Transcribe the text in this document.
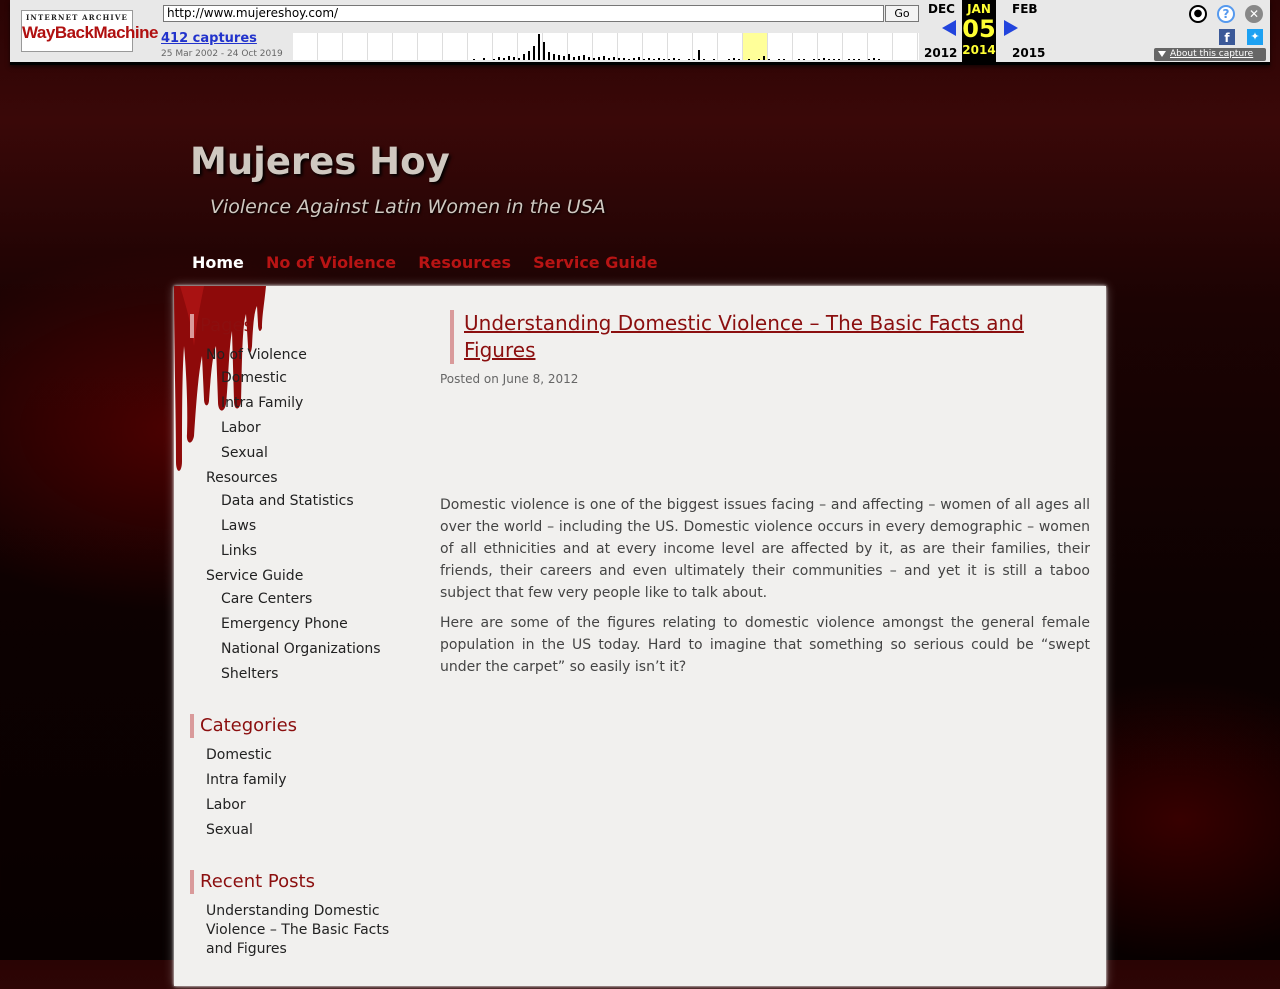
INTERNET ARCHIVE
WayBackMachine
http://www.mujereshoy.com/	Go
412 captures
25 Mar 2002 - 24 Oct 2019
DEC
2012
JAN
05
2014
FEB
2015
●	?	✕
f	✦
About this capture
Mujeres Hoy
Violence Against Latin Women in the USA
Home No of Violence Resources Service Guide
Pages
No of Violence
Domestic
Intra Family
Labor
Sexual
Resources
Data and Statistics
Laws
Links
Service Guide
Care Centers
Emergency Phone
National Organizations
Shelters
Categories
Domestic
Intra family
Labor
Sexual
Recent Posts
Understanding Domestic Violence – The Basic Facts and Figures
Understanding Domestic Violence – The Basic Facts and Figures
Posted on June 8, 2012

Domestic violence is one of the biggest issues facing – and affecting – women of all ages all over the world – including the US. Domestic violence occurs in every demographic – women of all ethnicities and at every income level are affected by it, as are their families, their friends, their careers and even ultimately their communities – and yet it is still a taboo subject that few very people like to talk about.

Here are some of the figures relating to domestic violence amongst the general female population in the US today. Hard to imagine that something so serious could be “swept under the carpet” so easily isn’t it?
